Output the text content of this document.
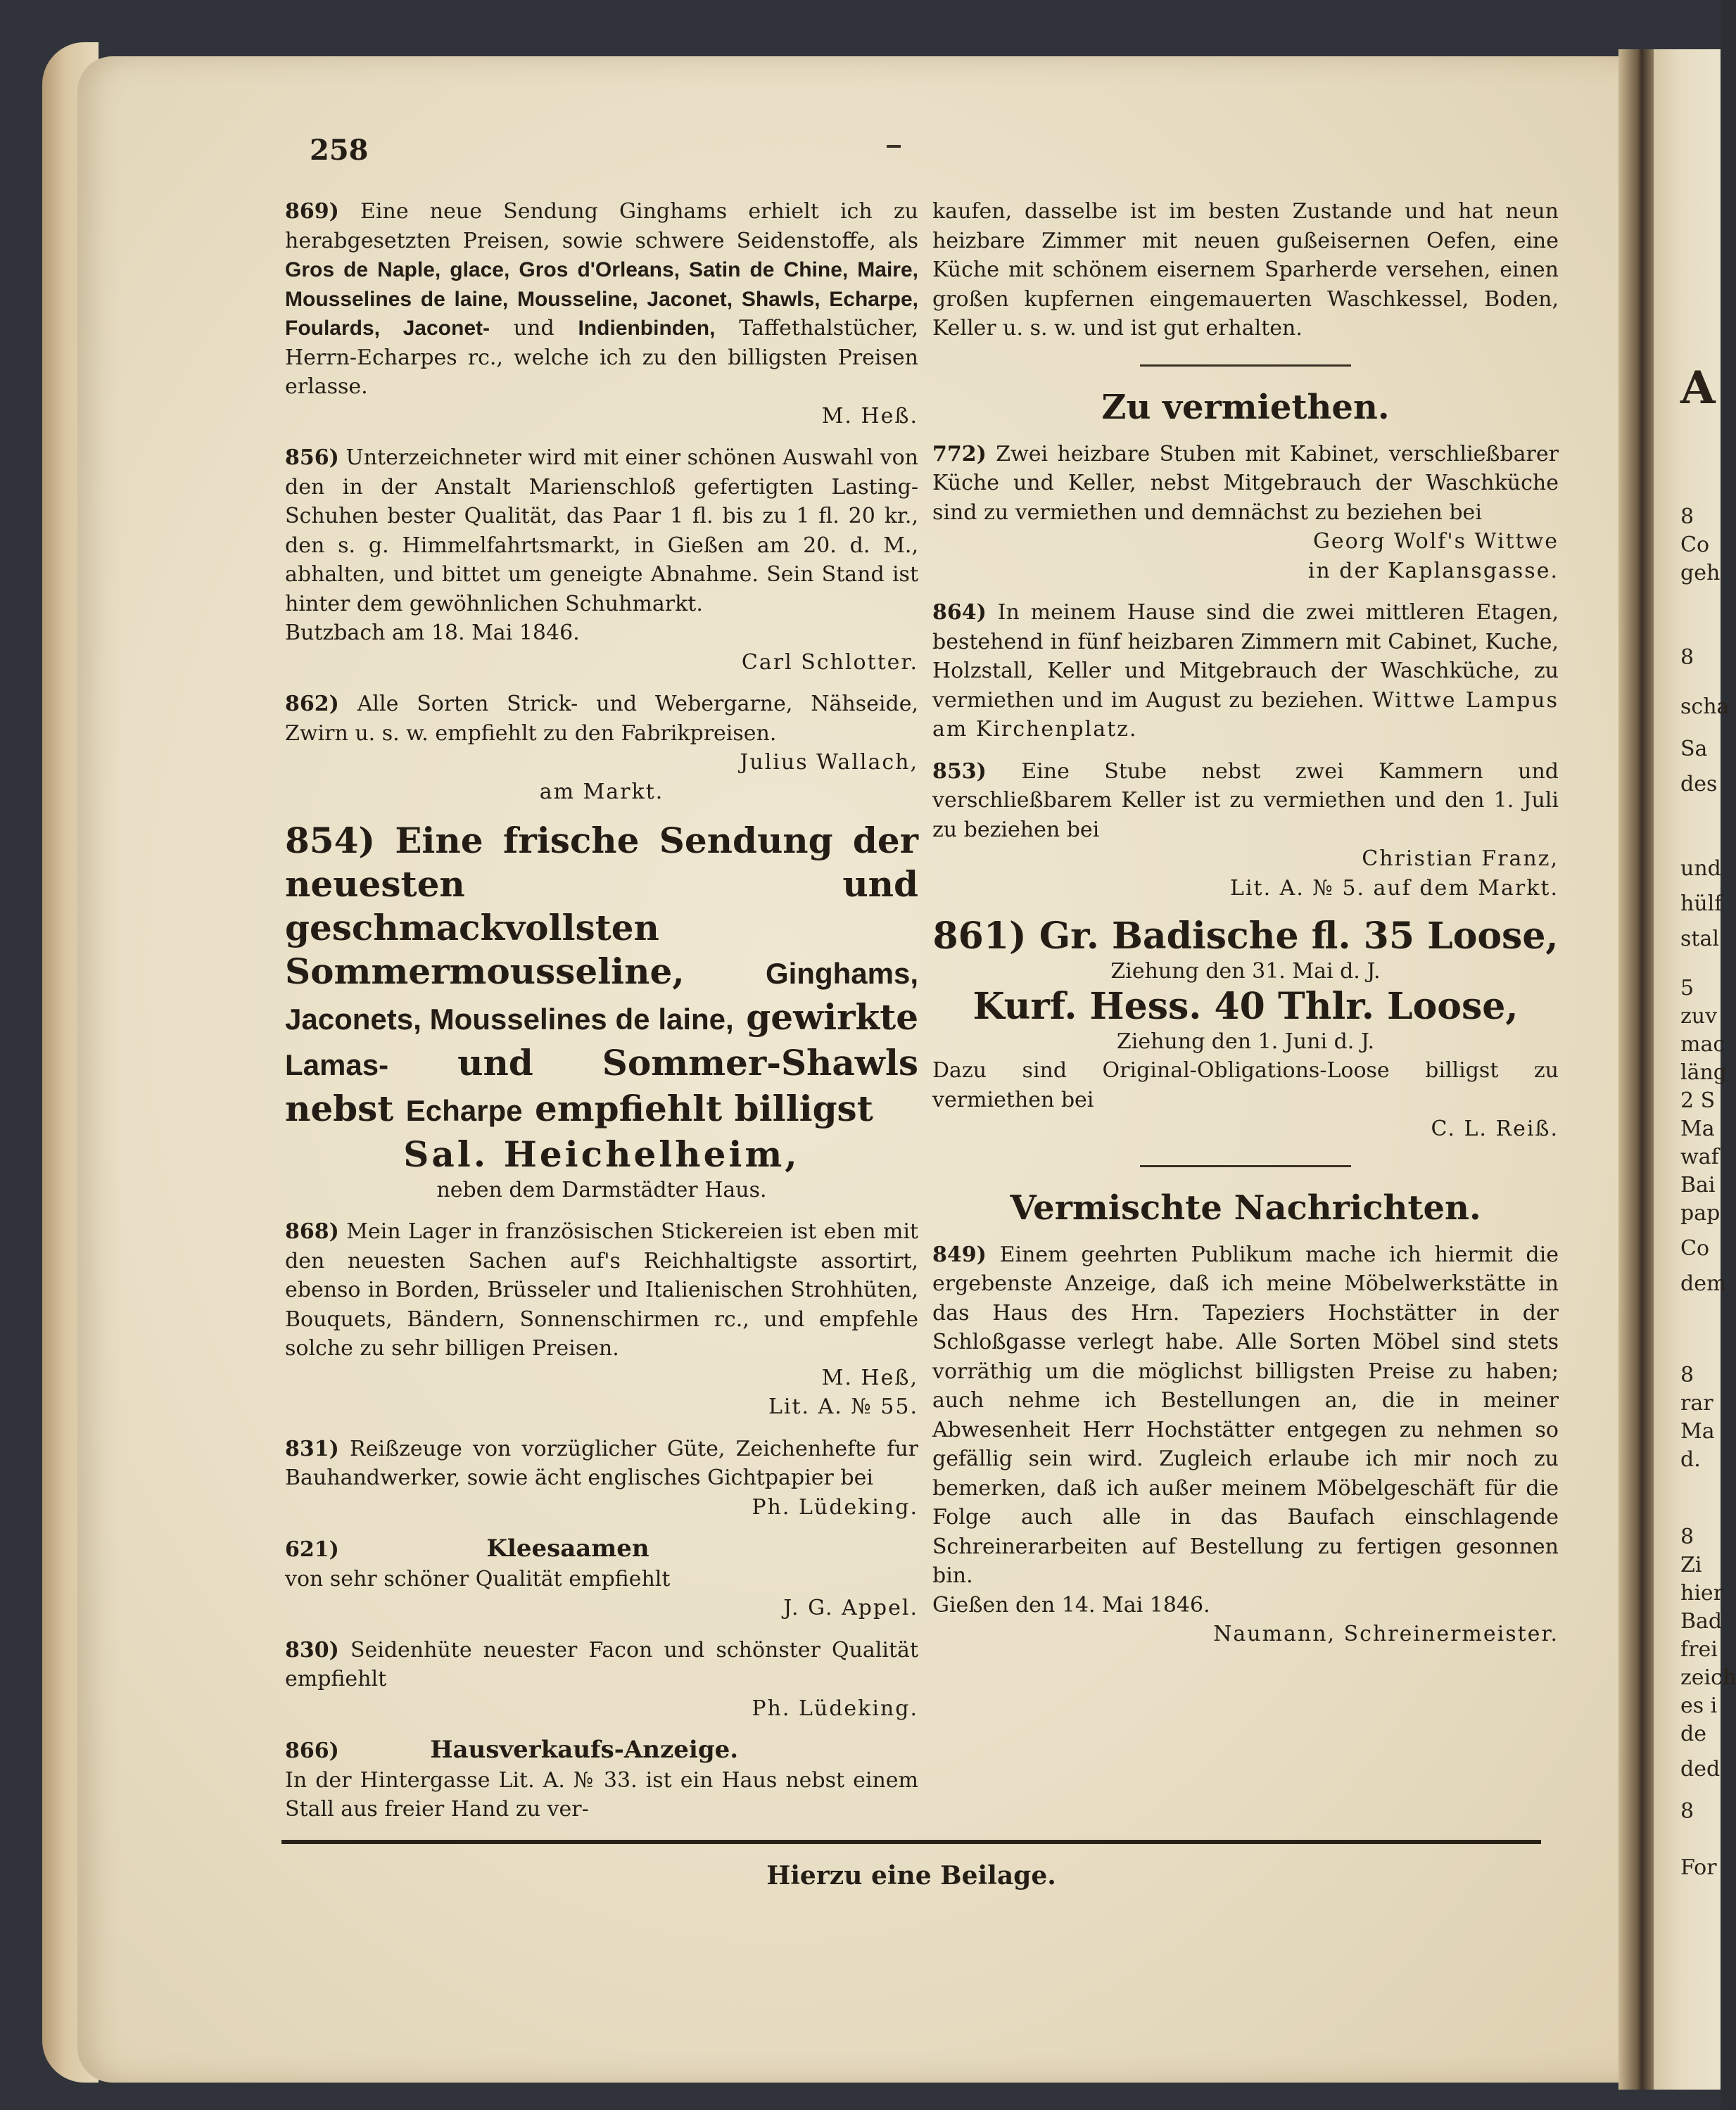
A
8
Co
geh
8
scha
Sa
des
und
hülf
stal
5
zuv
mac
läng
2 S
Ma
waf
Bai
pap
Co
dem
8
rar
Ma
d.
8
Zi
hier
Bad
frei
zeich
es i
de
ded
8
For
258
869) Eine neue Sendung Ginghams erhielt ich zu herabgesetzten Preisen, sowie schwere Seidenstoffe, als Gros de Naple, glace, Gros d'Orleans, Satin de Chine, Maire, Mousselines de laine, Mousseline, Jaconet, Shawls, Echarpe, Foulards, Jaconet- und Indienbinden, Taffethalstücher, Herrn-Echarpes rc., welche ich zu den billigsten Preisen erlasse.
M. Heß.
856) Unterzeichneter wird mit einer schönen Auswahl von den in der Anstalt Marienschloß gefertigten Lasting-Schuhen bester Qualität, das Paar 1 fl. bis zu 1 fl. 20 kr., den s. g. Himmelfahrtsmarkt, in Gießen am 20. d. M., abhalten, und bittet um geneigte Abnahme. Sein Stand ist hinter dem gewöhnlichen Schuhmarkt.
Butzbach am 18. Mai 1846.
Carl Schlotter.
862) Alle Sorten Strick- und Webergarne, Nähseide, Zwirn u. s. w. empfiehlt zu den Fabrikpreisen.
Julius Wallach,
am Markt.
854) Eine frische Sendung der neuesten und geschmackvollsten Sommermousseline,	Ginghams, Jaconets, Mousselines de laine, gewirkte Lamas- und Sommer-Shawls nebst Echarpe empfiehlt billigst
Sal. Heichelheim,
neben dem Darmstädter Haus.
868) Mein Lager in französischen Stickereien ist eben mit den neuesten Sachen auf's Reichhaltigste assortirt, ebenso in Borden, Brüsseler und Italienischen Strohhüten, Bouquets, Bändern, Sonnenschirmen rc., und empfehle solche zu sehr billigen Preisen.
M. Heß,
Lit. A. № 55.
831) Reißzeuge von vorzüglicher Güte, Zeichenhefte fur Bauhandwerker, sowie ächt englisches Gichtpapier bei
Ph. Lüdeking.
621)	Kleesaamen
von sehr schöner Qualität empfiehlt
J. G. Appel.
830) Seidenhüte neuester Facon und schönster Qualität empfiehlt
Ph. Lüdeking.
866)	Hausverkaufs-Anzeige.
In der Hintergasse Lit. A. № 33. ist ein Haus nebst einem Stall aus freier Hand zu ver-
kaufen, dasselbe ist im besten Zustande und hat neun heizbare Zimmer mit neuen gußeisernen Oefen, eine Küche mit schönem eisernem Sparherde versehen, einen großen kupfernen eingemauerten Waschkessel, Boden, Keller u. s. w. und ist gut erhalten.
Zu vermiethen.
772) Zwei heizbare Stuben mit Kabinet, verschließbarer Küche und Keller, nebst Mitgebrauch der Waschküche sind zu vermiethen und demnächst zu beziehen bei
Georg Wolf's Wittwe
in der Kaplansgasse.
864) In meinem Hause sind die zwei mittleren Etagen, bestehend in fünf heizbaren Zimmern mit Cabinet, Kuche, Holzstall, Keller und Mitgebrauch der Waschküche, zu vermiethen und im August zu beziehen. Wittwe Lampus am Kirchenplatz.
853) Eine Stube nebst zwei Kammern und verschließbarem Keller ist zu vermiethen und den 1. Juli zu beziehen bei
Christian Franz,
Lit. A. № 5. auf dem Markt.
861) Gr. Badische fl. 35 Loose,
Ziehung den 31. Mai d. J.
Kurf. Hess. 40 Thlr. Loose,
Ziehung den 1. Juni d. J.
Dazu sind Original-Obligations-Loose billigst zu vermiethen bei
C. L. Reiß.
Vermischte Nachrichten.
849) Einem geehrten Publikum mache ich hiermit die ergebenste Anzeige, daß ich meine Möbelwerkstätte in das Haus des Hrn. Tapeziers Hochstätter in der Schloßgasse verlegt habe. Alle Sorten Möbel sind stets vorräthig um die möglichst billigsten Preise zu haben; auch nehme ich Bestellungen an, die in meiner Abwesenheit Herr Hochstätter entgegen zu nehmen so gefällig sein wird. Zugleich erlaube ich mir noch zu bemerken, daß ich außer meinem Möbelgeschäft für die Folge auch alle in das Baufach einschlagende Schreinerarbeiten auf Bestellung zu fertigen gesonnen bin.
Gießen den 14. Mai 1846.
Naumann, Schreinermeister.
Hierzu eine Beilage.
